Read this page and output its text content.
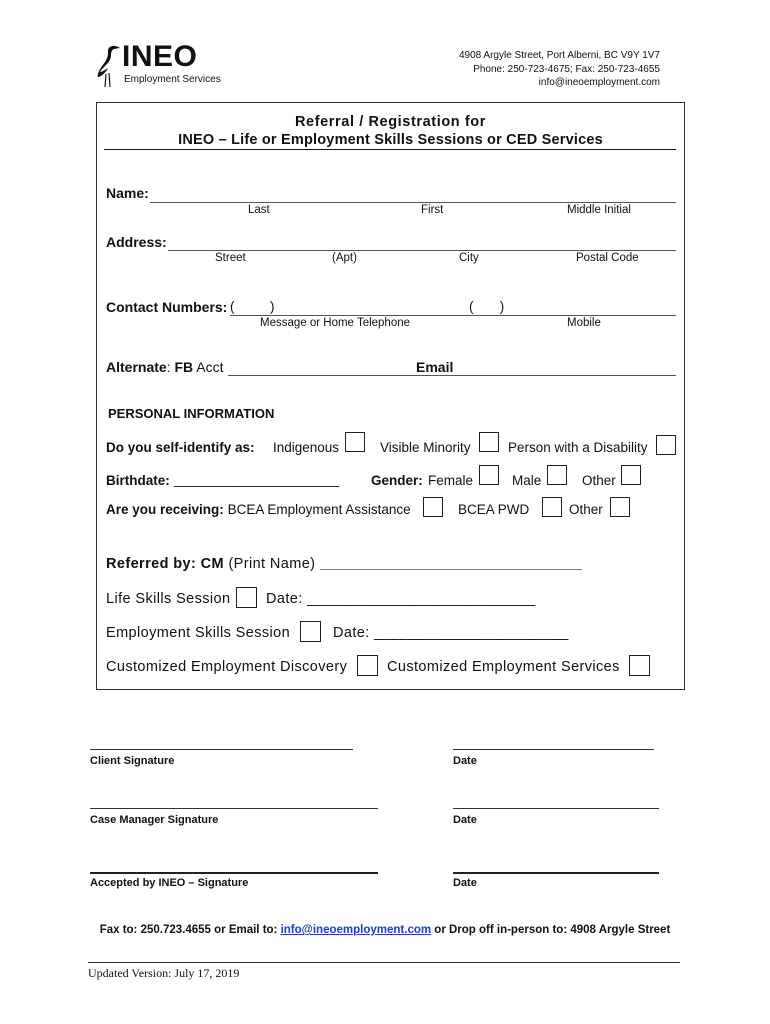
INEO
Employment Services
4908 Argyle Street, Port Alberni, BC V9Y 1V7
Phone: 250-723-4675; Fax: 250-723-4655
info@ineoemployment.com
Referral / Registration for
INEO – Life or Employment Skills Sessions or CED Services
Name:
Last	First	Middle Initial
Address:
Street	(Apt)	City	Postal Code
Contact Numbers: (	)	(       )
Message or Home Telephone	Mobile
Alternate: FB Acct	Email
PERSONAL INFORMATION
Do you self-identify as: Indigenous	Visible Minority	Person with a Disability
Birthdate: ______________________ Gender: Female	Male	Other
Are you receiving: BCEA Employment Assistance	BCEA PWD	Other
Referred by: CM (Print Name) _______________________________
Life Skills Session Date: ___________________________
Employment Skills Session	Date: _______________________
Customized Employment Discovery	Customized Employment Services
Client Signature	Date
Case Manager Signature	Date
Accepted by INEO – Signature	Date
Fax to: 250.723.4655 or Email to: info@ineoemployment.com or Drop off in-person to: 4908 Argyle Street
Updated Version: July 17, 2019
